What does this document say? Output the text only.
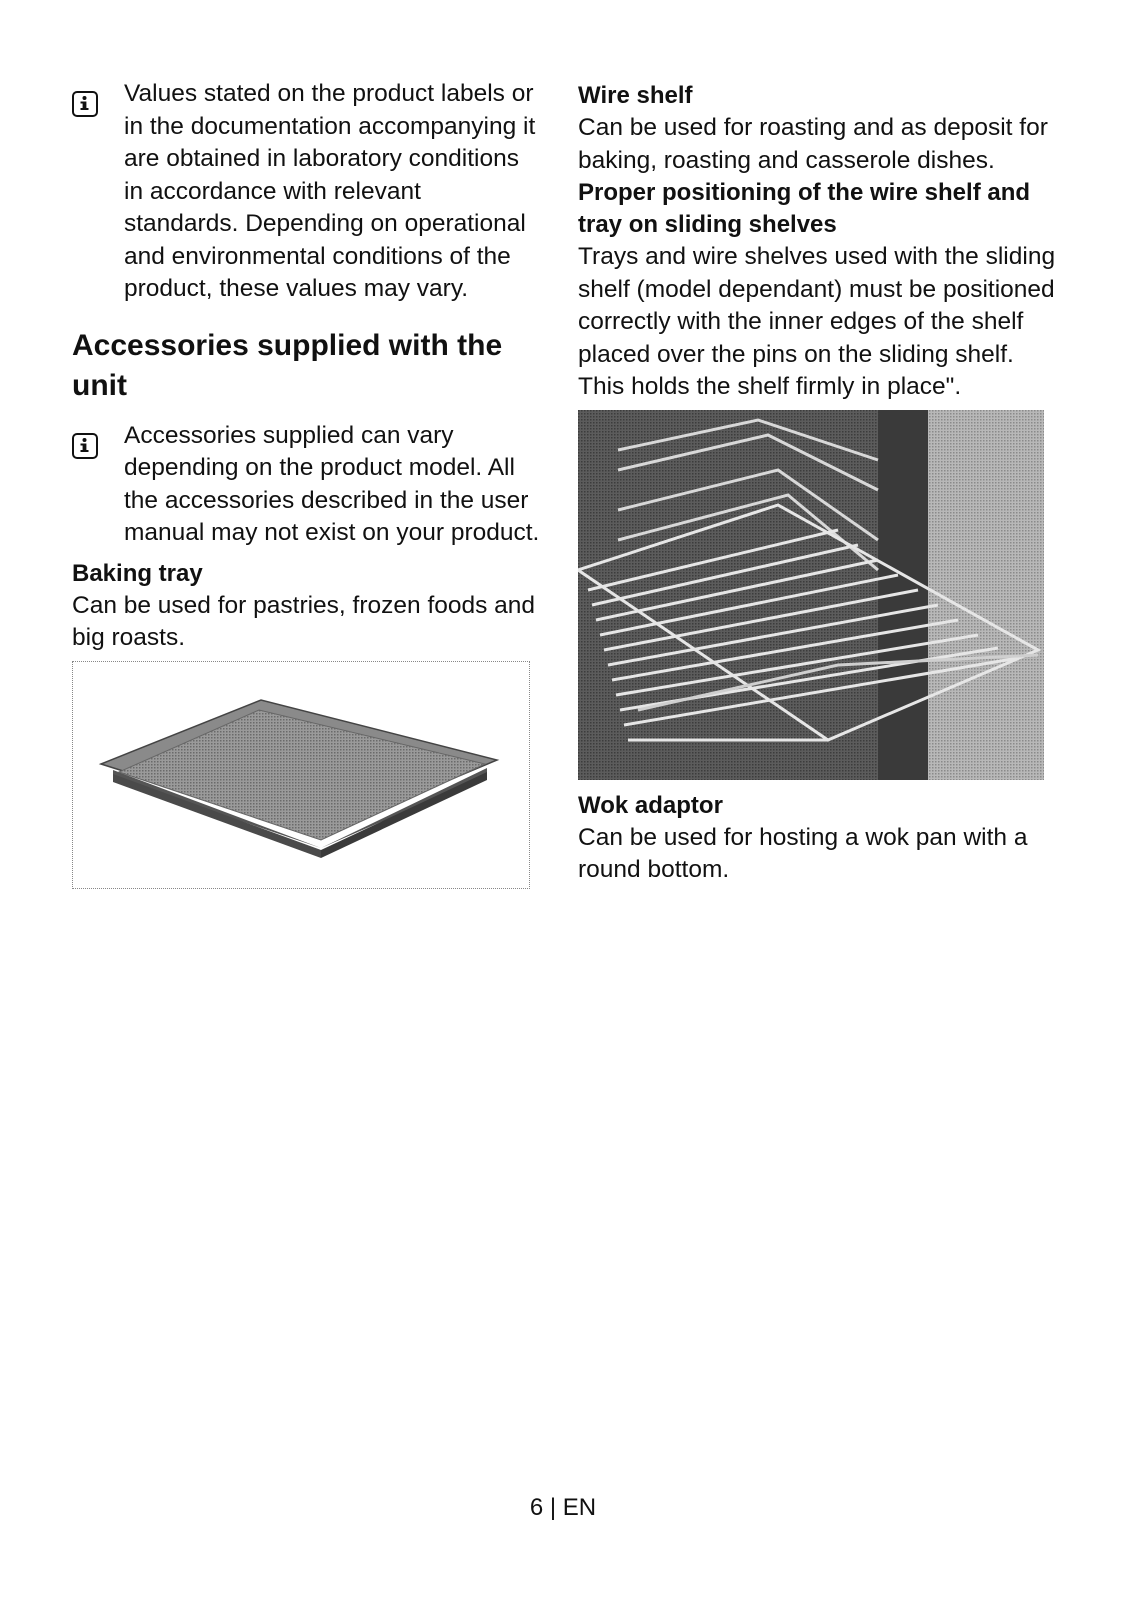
Values stated on the product labels or in the documentation accompanying it are obtained in laboratory conditions in accordance with relevant standards. Depending on operational and environmental conditions of the product, these values may vary.
Accessories supplied with the unit
Accessories supplied can vary depending on the product model. All the accessories described in the user manual may not exist on your product.
Baking tray
Can be used for pastries, frozen foods and big roasts.
Wire shelf
Can be used for roasting and as deposit for baking, roasting and casserole dishes.
Proper positioning of the wire shelf and tray on sliding shelves
Trays and wire shelves used with the sliding shelf (model dependant) must be positioned correctly with the inner edges of the shelf placed over the pins on the sliding shelf. This holds the shelf firmly in place".
Wok adaptor
Can be used for hosting a wok pan with a round bottom.
6 | EN
